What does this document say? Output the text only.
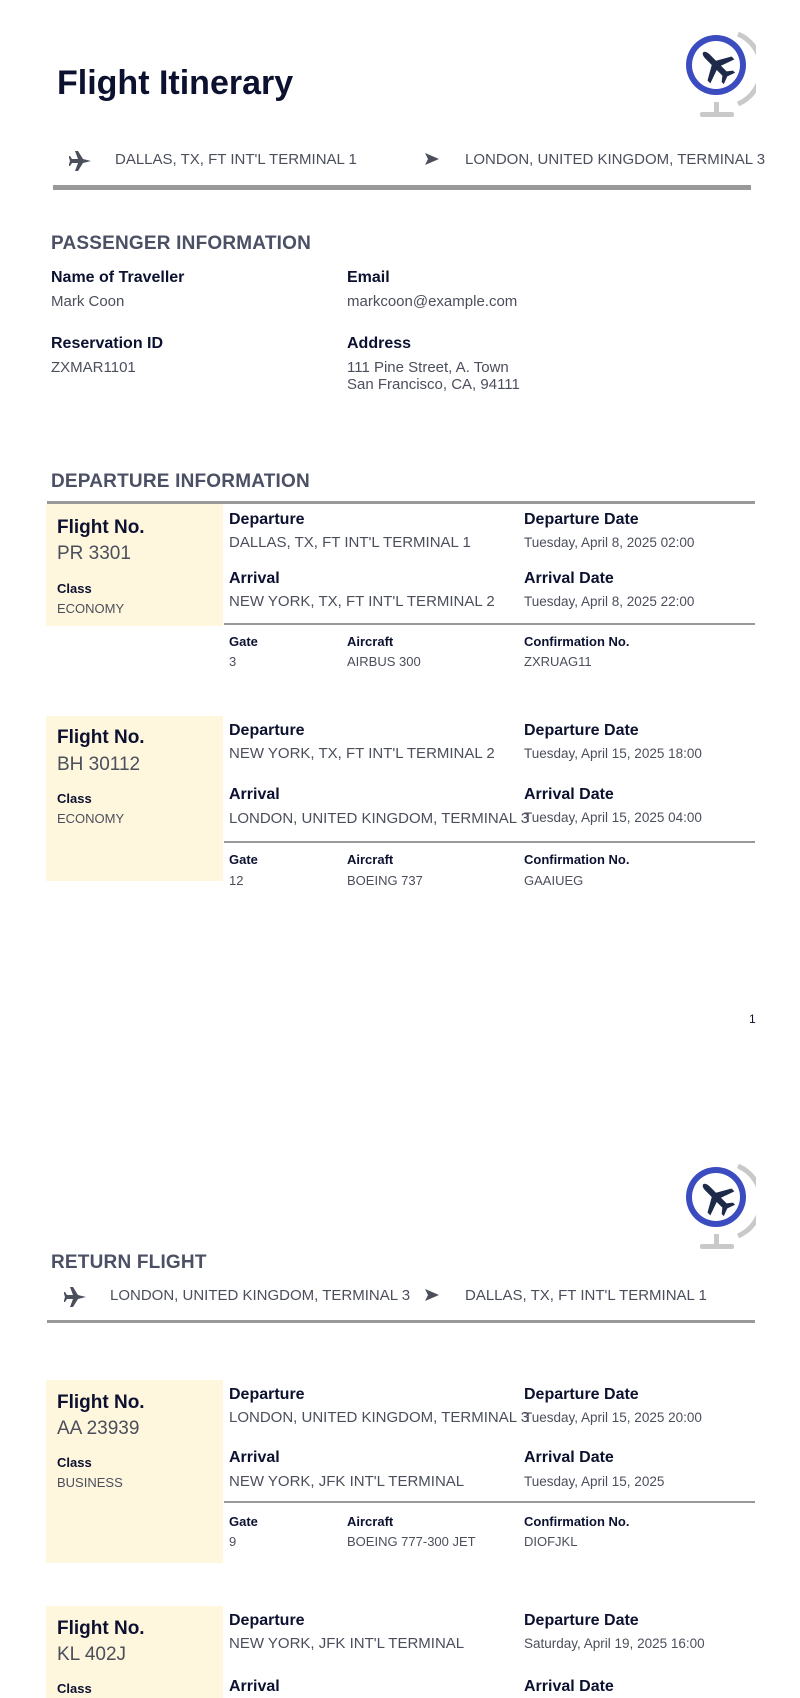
Flight Itinerary
DALLAS, TX, FT INT'L TERMINAL 1	LONDON, UNITED KINGDOM, TERMINAL 3
PASSENGER INFORMATION
Name of Traveller
Mark Coon
Email
markcoon@example.com
Reservation ID
ZXMAR1101
Address
111 Pine Street, A. Town
San Francisco, CA, 94111
DEPARTURE INFORMATION
Flight No.
PR 3301
Class
ECONOMY
Departure
DALLAS, TX, FT INT'L TERMINAL 1
Departure Date
Tuesday, April 8, 2025 02:00
Arrival
NEW YORK, TX, FT INT'L TERMINAL 2
Arrival Date
Tuesday, April 8, 2025 22:00
Gate
3
Aircraft
AIRBUS 300
Confirmation No.
ZXRUAG11
Flight No.
BH 30112
Class
ECONOMY
Departure
NEW YORK, TX, FT INT'L TERMINAL 2
Departure Date
Tuesday, April 15, 2025 18:00
Arrival
LONDON, UNITED KINGDOM, TERMINAL 3
Arrival Date
Tuesday, April 15, 2025 04:00
Gate
12
Aircraft
BOEING 737
Confirmation No.
GAAIUEG
1
RETURN FLIGHT
LONDON, UNITED KINGDOM, TERMINAL 3	DALLAS, TX, FT INT'L TERMINAL 1
Flight No.
AA 23939
Class
BUSINESS
Departure
LONDON, UNITED KINGDOM, TERMINAL 3
Departure Date
Tuesday, April 15, 2025 20:00
Arrival
NEW YORK, JFK INT'L TERMINAL
Arrival Date
Tuesday, April 15, 2025
Gate
9
Aircraft
BOEING 777-300 JET
Confirmation No.
DIOFJKL
Flight No.
KL 402J
Class
Departure
NEW YORK, JFK INT'L TERMINAL
Departure Date
Saturday, April 19, 2025 16:00
Arrival	Arrival Date
